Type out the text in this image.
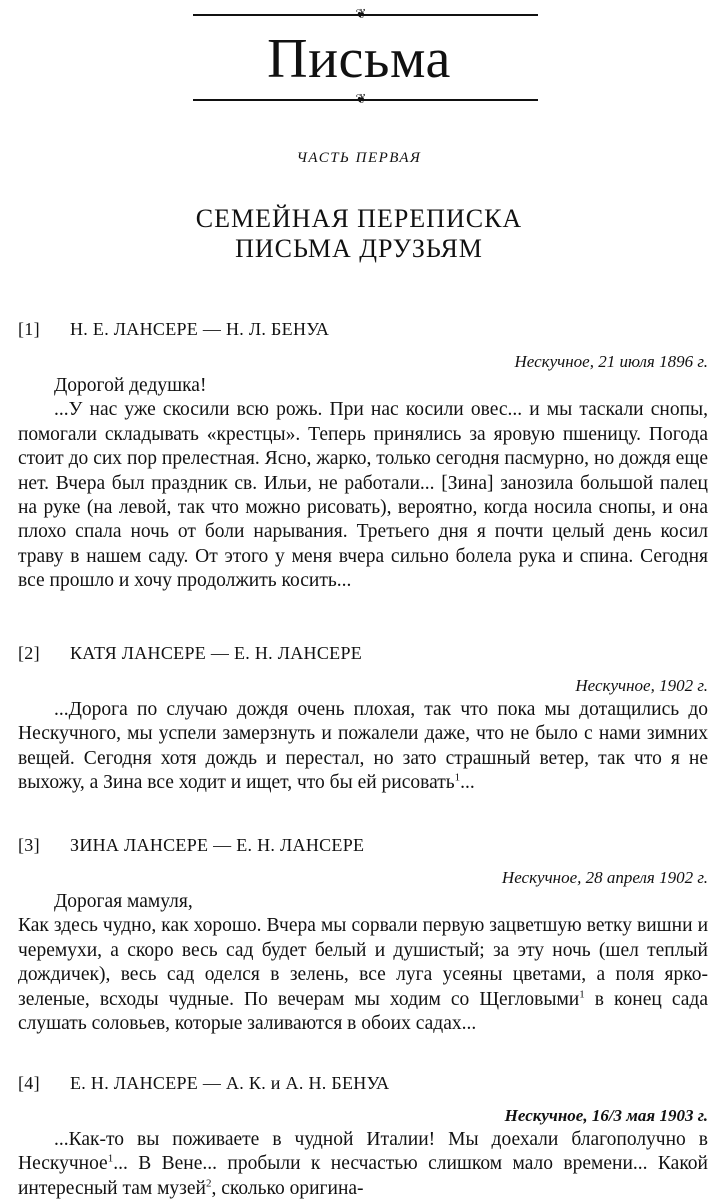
❦
Письма
❦
ЧАСТЬ ПЕРВАЯ
СЕМЕЙНАЯ ПЕРЕПИСКА
ПИСЬМА ДРУЗЬЯМ
[1] Н. Е. ЛАНСЕРЕ — Н. Л. БЕНУА
Нескучное, 21 июля 1896 г.
Дорогой дедушка!

...У нас уже скосили всю рожь. При нас косили овес... и мы таскали снопы, помогали складывать «крестцы». Теперь принялись за яровую пшеницу. Погода стоит до сих пор прелестная. Ясно, жарко, только сегодня пасмурно, но дождя еще нет. Вчера был праздник св. Ильи, не работали... [Зина] занозила большой палец на руке (на левой, так что можно рисовать), вероятно, когда носила снопы, и она плохо спала ночь от боли нарывания. Третьего дня я почти целый день косил траву в нашем саду. От этого у меня вчера сильно болела рука и спина. Сегодня все прошло и хочу продолжить косить...

[2] КАТЯ ЛАНСЕРЕ — Е. Н. ЛАНСЕРЕ
Нескучное, 1902 г.

...Дорога по случаю дождя очень плохая, так что пока мы дотащились до Нескучного, мы успели замерзнуть и пожалели даже, что не было с нами зимних вещей. Сегодня хотя дождь и перестал, но зато страшный ветер, так что я не выхожу, а Зина все ходит и ищет, что бы ей рисовать$^1$...

[3] ЗИНА ЛАНСЕРЕ — Е. Н. ЛАНСЕРЕ
Нескучное, 28 апреля 1902 г.
Дорогая мамуля,

Как здесь чудно, как хорошо. Вчера мы сорвали первую зацветшую ветку вишни и черемухи, а скоро весь сад будет белый и душистый; за эту ночь (шел теплый дождичек), весь сад оделся в зелень, все луга усеяны цветами, а поля ярко-зеленые, всходы чудные. По вечерам мы ходим со Щегловыми$^1$ в конец сада слушать соловьев, которые заливаются в обоих садах...

[4] Е. Н. ЛАНСЕРЕ — А. К. и А. Н. БЕНУА
Нескучное, 16/3 мая 1903 г.

...Как-то вы поживаете в чудной Италии! Мы доехали благополучно в Нескучное$^1$... В Вене... пробыли к несчастью слишком мало времени... Какой интересный там музей$^2$, сколько оригина-
